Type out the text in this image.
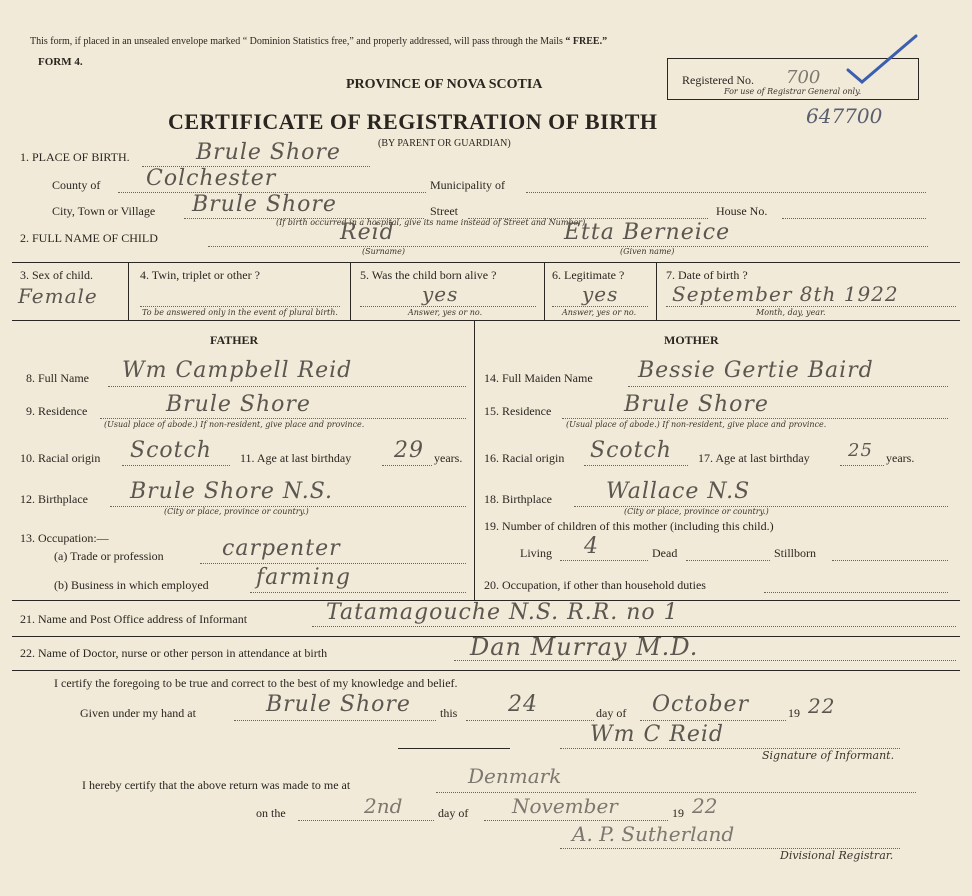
This form, if placed in an unsealed envelope marked “ Dominion Statistics free,” and properly addressed, will pass through the Mails “ FREE.”
FORM 4.
PROVINCE OF NOVA SCOTIA
CERTIFICATE OF REGISTRATION OF BIRTH
(BY PARENT OR GUARDIAN)
Registered No. 700
For use of Registrar General only.
647700
1. PLACE OF BIRTH.	Brule Shore
County of Colchester	Municipality of
City, Town or Village Brule Shore	Street	House No.
(If birth occurred in a hospital, give its name instead of Street and Number)
2. FULL NAME OF CHILD	Reid	Etta Berneice
(Surname)	(Given name)
3. Sex of child.
Female
4. Twin, triplet or other ?
To be answered only in the event of plural birth.
5. Was the child born alive ?
yes
Answer, yes or no.
6. Legitimate ?
yes
Answer, yes or no.
7. Date of birth ?
September 8th 1922
Month, day, year.
FATHER	MOTHER
8. Full Name Wm Campbell Reid
9. Residence	Brule Shore
(Usual place of abode.) If non-resident, give place and province.
10. Racial origin Scotch 11. Age at last birthday 29 years.
12. Birthplace Brule Shore N.S.
(City or place, province or country.)
13. Occupation:—
(a) Trade or profession	carpenter
(b) Business in which employed farming
14. Full Maiden Name Bessie Gertie Baird
15. Residence	Brule Shore
(Usual place of abode.) If non-resident, give place and province.
16. Racial origin Scotch 17. Age at last birthday 25 years.
18. Birthplace Wallace N.S
(City or place, province or country.)
19. Number of children of this mother (including this child.)
Living 4	Dead	Stillborn
20. Occupation, if other than household duties
21. Name and Post Office address of Informant	Tatamagouche N.S. R.R. no 1
22. Name of Doctor, nurse or other person in attendance at birth	Dan Murray M.D.
I certify the foregoing to be true and correct to the best of my knowledge and belief.
Given under my hand at	Brule Shore this 24	day of October	19 22
Wm C Reid
Signature of Informant.
I hereby certify that the above return was made to me at	Denmark
on the	2nd	day of November	19 22
A. P. Sutherland
Divisional Registrar.
